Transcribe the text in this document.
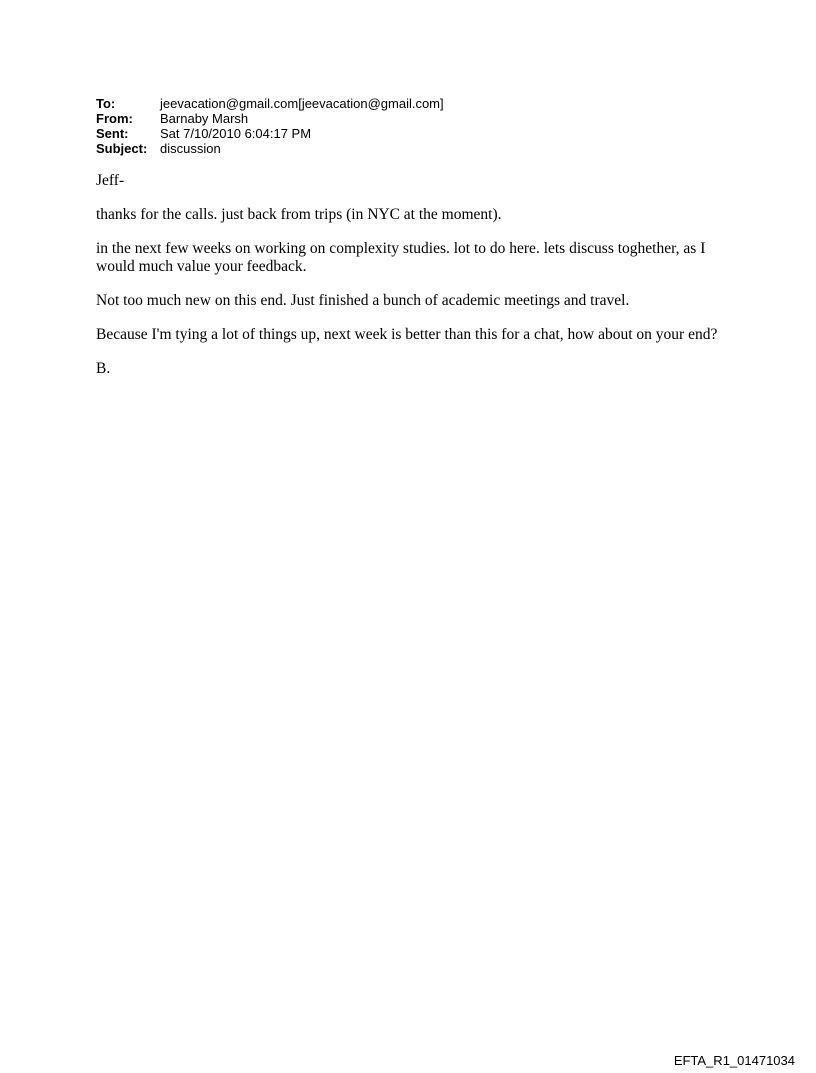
To:	jeevacation@gmail.com[jeevacation@gmail.com]
From:	Barnaby Marsh
Sent:	Sat 7/10/2010 6:04:17 PM
Subject: discussion

Jeff-

thanks for the calls. just back from trips (in NYC at the moment).

in the next few weeks on working on complexity studies. lot to do here. lets discuss toghether, as I would much value your feedback.

Not too much new on this end. Just finished a bunch of academic meetings and travel.

Because I'm tying a lot of things up, next week is better than this for a chat, how about on your end?

B.

EFTA_R1_01471034
